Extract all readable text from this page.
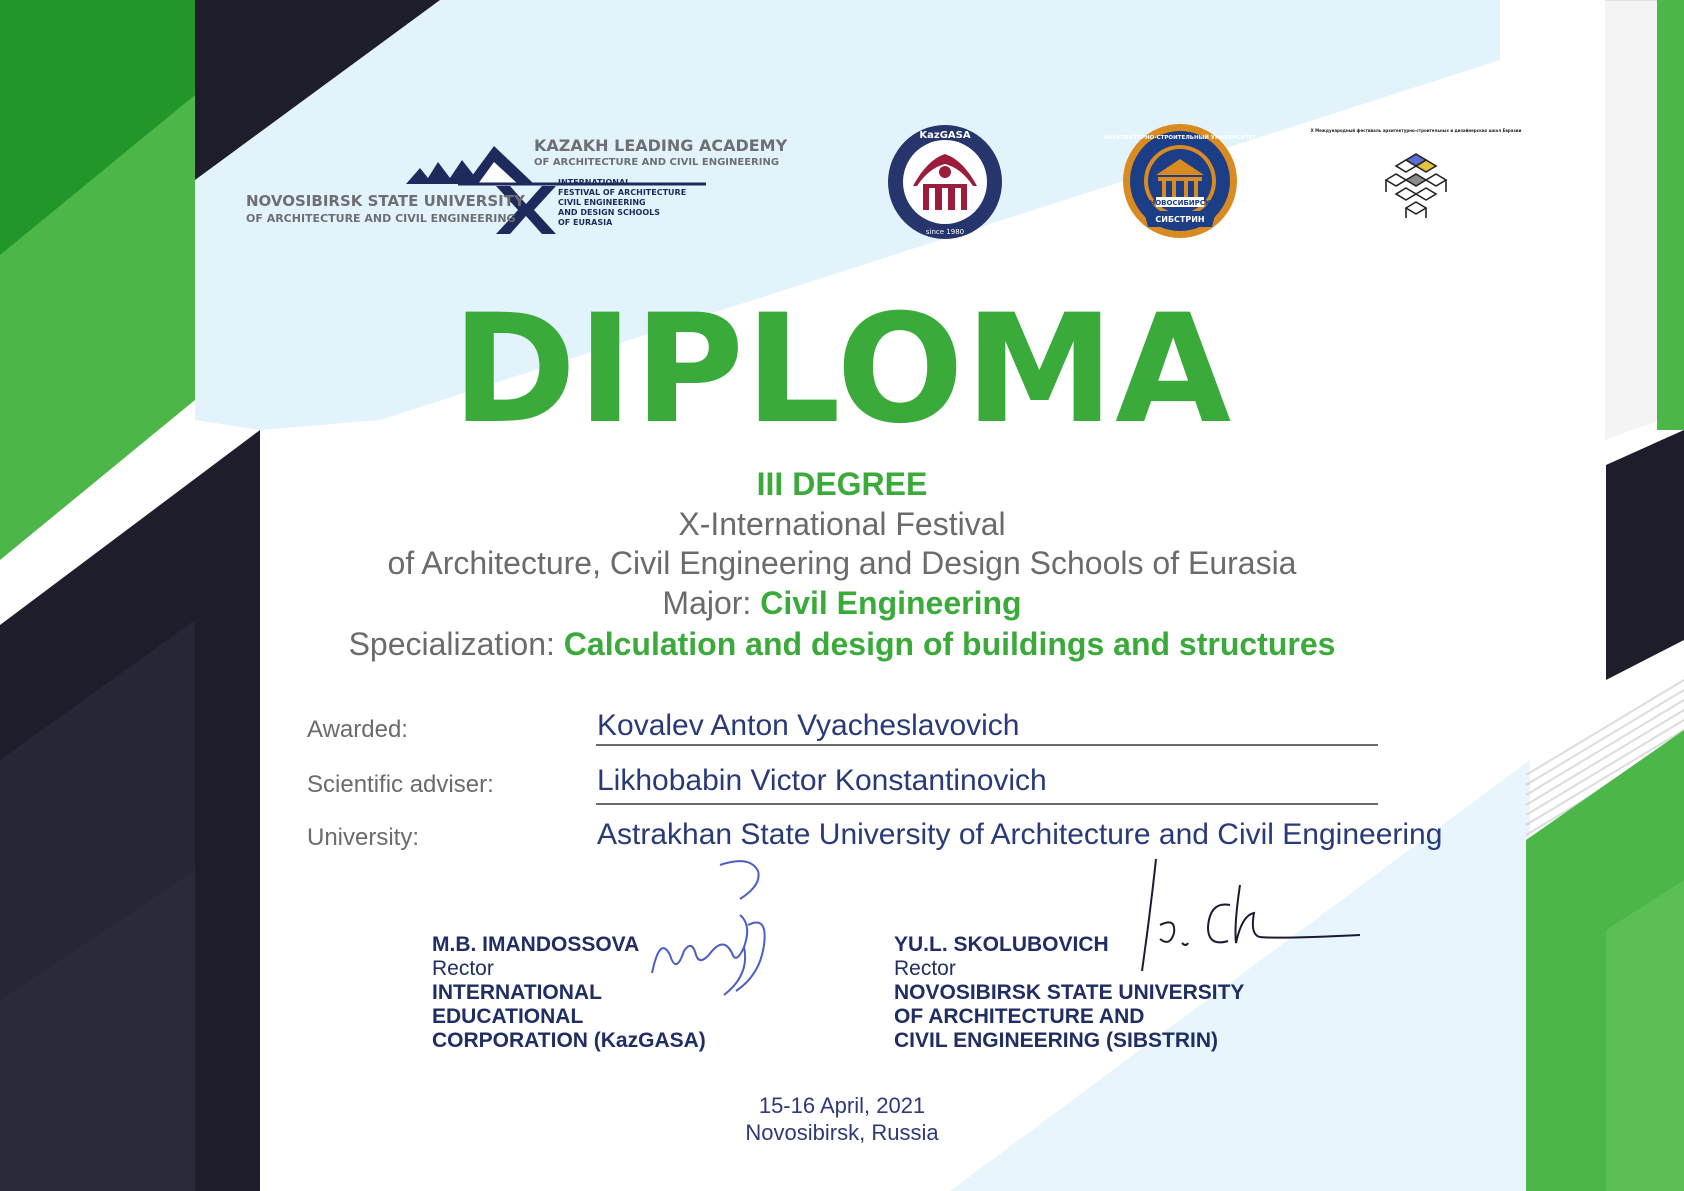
NOVOSIBIRSK STATE UNIVERSITY
OF ARCHITECTURE AND CIVIL ENGINEERING
KAZAKH LEADING ACADEMY
OF ARCHITECTURE AND CIVIL ENGINEERING
INTERNATIONAL
FESTIVAL OF ARCHITECTURE
CIVIL ENGINEERING
AND DESIGN SCHOOLS
OF EURASIA
KazGASA
since 1980
НОВОСИБИРСК
СИБСТРИН
АРХИТЕКТУРНО-СТРОИТЕЛЬНЫЙ УНИВЕРСИТЕТ
X Международный фестиваль архитектурно-строительных и дизайнерских школ Евразии
DIPLOMA
III DEGREE
X-International Festival
of Architecture, Civil Engineering and Design Schools of Eurasia
Major: Civil Engineering
Specialization: Calculation and design of buildings and structures
Awarded:	Kovalev Anton Vyacheslavovich
Scientific adviser:	Likhobabin Victor Konstantinovich
University:	Astrakhan State University of Architecture and Civil Engineering
M.B. IMANDOSSOVA
Rector
INTERNATIONAL
EDUCATIONAL
CORPORATION (KazGASA)
YU.L. SKOLUBOVICH
Rector
NOVOSIBIRSK STATE UNIVERSITY
OF ARCHITECTURE AND
CIVIL ENGINEERING (SIBSTRIN)
15-16 April, 2021
Novosibirsk, Russia
